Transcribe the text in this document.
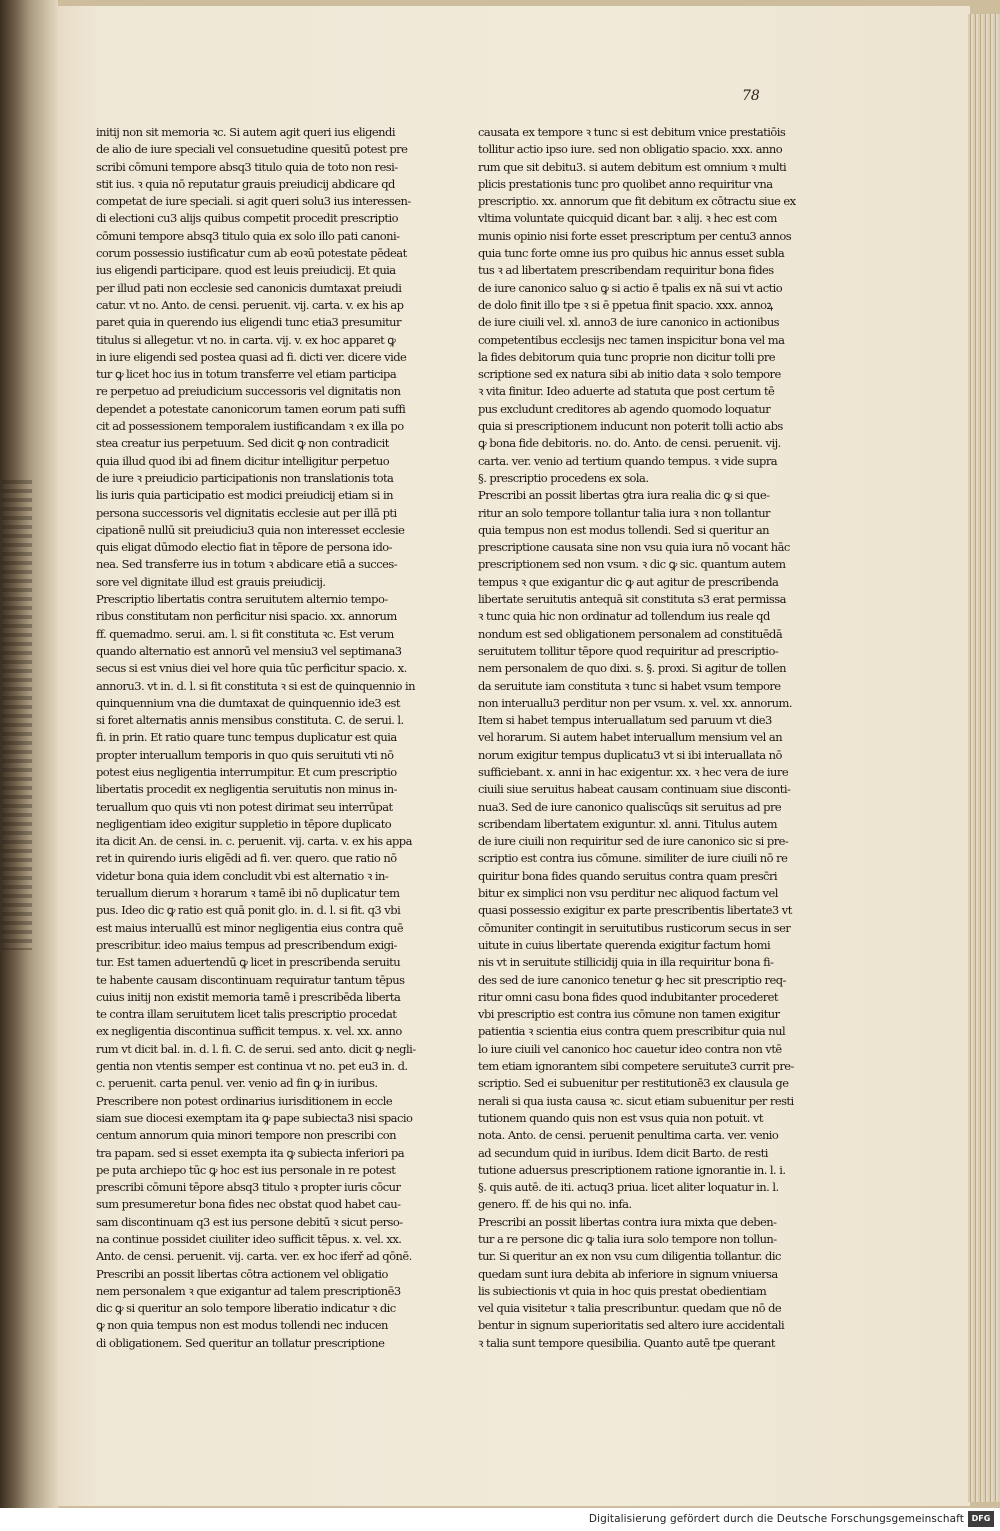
78
initij non sit memoria ꝛc. Si autem agit queri ius eligendi
de alio de iure speciali vel consuetudine quesitū potest pre
scribi cōmuni tempore absq3 titulo quia de toto non resi-
stit ius. ꝛ quia nō reputatur grauis preiudicij abdicare qd
competat de iure speciali. si agit queri solu3 ius interessen-
di electioni cu3 alijs quibus competit procedit prescriptio
cōmuni tempore absq3 titulo quia ex solo illo pati canoni-
corum possessio iustificatur cum ab eoꝛū potestate pēdeat
ius eligendi participare. quod est leuis preiudicij. Et quia
per illud pati non ecclesie sed canonicis dumtaxat preiudi
catur. vt no. Anto. de censi. peruenit. vij. carta. v. ex his ap
paret quia in querendo ius eligendi tunc etia3 presumitur
titulus si allegetur. vt no. in carta. vij. v. ex hoc apparet ꝙ
in iure eligendi sed postea quasi ad fi. dicti ver. dicere vide
tur ꝙ licet hoc ius in totum transferre vel etiam participa
re perpetuo ad preiudicium successoris vel dignitatis non
dependet a potestate canonicorum tamen eorum pati suffi
cit ad possessionem temporalem iustificandam ꝛ ex illa po
stea creatur ius perpetuum. Sed dicit ꝙ non contradicit
quia illud quod ibi ad finem dicitur intelligitur perpetuo
de iure ꝛ preiudicio participationis non translationis tota
lis iuris quia participatio est modici preiudicij etiam si in
persona successoris vel dignitatis ecclesie aut per illā pti
cipationē nullū sit preiudiciu3 quia non interesset ecclesie
quis eligat dūmodo electio fiat in tēpore de persona ido-
nea. Sed transferre ius in totum ꝛ abdicare etiā a succes-
sore vel dignitate illud est grauis preiudicij.
Prescriptio libertatis contra seruitutem alternio tempo-
ribus constitutam non perficitur nisi spacio. xx. annorum
ff. quemadmo. serui. am. l. si fit constituta ꝛc. Est verum
quando alternatio est annorū vel mensiu3 vel septimana3
secus si est vnius diei vel hore quia tūc perficitur spacio. x.
annoru3. vt in. d. l. si fit constituta ꝛ si est de quinquennio in
quinquennium vna die dumtaxat de quinquennio ide3 est
si foret alternatis annis mensibus constituta. C. de serui. l.
fi. in prin. Et ratio quare tunc tempus duplicatur est quia
propter interuallum temporis in quo quis seruituti vti nō
potest eius negligentia interrumpitur. Et cum prescriptio
libertatis procedit ex negligentia seruitutis non minus in-
teruallum quo quis vti non potest dirimat seu interrūpat
negligentiam ideo exigitur suppletio in tēpore duplicato
ita dicit An. de censi. in. c. peruenit. vij. carta. v. ex his appa
ret in quirendo iuris eligēdi ad fi. ver. quero. que ratio nō
videtur bona quia idem concludit vbi est alternatio ꝛ in-
teruallum dierum ꝛ horarum ꝛ tamē ibi nō duplicatur tem
pus. Ideo dic ꝙ ratio est quā ponit glo. in. d. l. si fit. q3 vbi
est maius interuallū est minor negligentia eius contra quē
prescribitur. ideo maius tempus ad prescribendum exigi-
tur. Est tamen aduertendū ꝙ licet in prescribenda seruitu
te habente causam discontinuam requiratur tantum tēpus
cuius initij non existit memoria tamē i prescribēda liberta
te contra illam seruitutem licet talis prescriptio procedat
ex negligentia discontinua sufficit tempus. x. vel. xx. anno
rum vt dicit bal. in. d. l. fi. C. de serui. sed anto. dicit ꝙ negli-
gentia non vtentis semper est continua vt no. pet eu3 in. d.
c. peruenit. carta penul. ver. venio ad fin ꝙ in iuribus.
Prescribere non potest ordinarius iurisditionem in eccle
siam sue diocesi exemptam ita ꝙ pape subiecta3 nisi spacio
centum annorum quia minori tempore non prescribi con
tra papam. sed si esset exempta ita ꝙ subiecta inferiori pa
pe puta archiepo tūc ꝙ hoc est ius personale in re potest
prescribi cōmuni tēpore absq3 titulo ꝛ propter iuris cōcur
sum presumeretur bona fides nec obstat quod habet cau-
sam discontinuam q3 est ius persone debitū ꝛ sicut perso-
na continue possidet ciuiliter ideo sufficit tēpus. x. vel. xx.
Anto. de censi. peruenit. vij. carta. ver. ex hoc iferř ad qōnē.
Prescribi an possit libertas cōtra actionem vel obligatio
nem personalem ꝛ que exigantur ad talem prescriptionē3
dic ꝙ si queritur an solo tempore liberatio indicatur ꝛ dic
ꝙ non quia tempus non est modus tollendi nec inducen
di obligationem. Sed queritur an tollatur prescriptione
causata ex tempore ꝛ tunc si est debitum vnice prestatiōis
tollitur actio ipso iure. sed non obligatio spacio. xxx. anno
rum que sit debitu3. si autem debitum est omnium ꝛ multi
plicis prestationis tunc pro quolibet anno requiritur vna
prescriptio. xx. annorum que fit debitum ex cōtractu siue ex
vltima voluntate quicquid dicant bar. ꝛ alij. ꝛ hec est com
munis opinio nisi forte esset prescriptum per centu3 annos
quia tunc forte omne ius pro quibus hic annus esset subla
tus ꝛ ad libertatem prescribendam requiritur bona fides
de iure canonico saluo ꝙ si actio ē tpalis ex nā sui vt actio
de dolo finit illo tpe ꝛ si ē ppetua finit spacio. xxx. annoꝝ
de iure ciuili vel. xl. anno3 de iure canonico in actionibus
competentibus ecclesijs nec tamen inspicitur bona vel ma
la fides debitorum quia tunc proprie non dicitur tolli pre
scriptione sed ex natura sibi ab initio data ꝛ solo tempore
ꝛ vita finitur. Ideo aduerte ad statuta que post certum tē
pus excludunt creditores ab agendo quomodo loquatur
quia si prescriptionem inducunt non poterit tolli actio abs
ꝙ bona fide debitoris. no. do. Anto. de censi. peruenit. vij.
carta. ver. venio ad tertium quando tempus. ꝛ vide supra
§. prescriptio procedens ex sola.
Prescribi an possit libertas ꝯtra iura realia dic ꝙ si que-
ritur an solo tempore tollantur talia iura ꝛ non tollantur
quia tempus non est modus tollendi. Sed si queritur an
prescriptione causata sine non vsu quia iura nō vocant hāc
prescriptionem sed non vsum. ꝛ dic ꝙ sic. quantum autem
tempus ꝛ que exigantur dic ꝙ aut agitur de prescribenda
libertate seruitutis antequā sit constituta s3 erat permissa
ꝛ tunc quia hic non ordinatur ad tollendum ius reale qd
nondum est sed obligationem personalem ad constituēdā
seruitutem tollitur tēpore quod requiritur ad prescriptio-
nem personalem de quo dixi. s. §. proxi. Si agitur de tollen
da seruitute iam constituta ꝛ tunc si habet vsum tempore
non interuallu3 perditur non per vsum. x. vel. xx. annorum.
Item si habet tempus interuallatum sed paruum vt die3
vel horarum. Si autem habet interuallum mensium vel an
norum exigitur tempus duplicatu3 vt si ibi interuallata nō
sufficiebant. x. anni in hac exigentur. xx. ꝛ hec vera de iure
ciuili siue seruitus habeat causam continuam siue disconti-
nua3. Sed de iure canonico qualiscūqs sit seruitus ad pre
scribendam libertatem exiguntur. xl. anni. Titulus autem
de iure ciuili non requiritur sed de iure canonico sic si pre-
scriptio est contra ius cōmune. similiter de iure ciuili nō re
quiritur bona fides quando seruitus contra quam presc̄ri
bitur ex simplici non vsu perditur nec aliquod factum vel
quasi possessio exigitur ex parte prescribentis libertate3 vt
cōmuniter contingit in seruitutibus rusticorum secus in ser
uitute in cuius libertate querenda exigitur factum homi
nis vt in seruitute stillicidij quia in illa requiritur bona fi-
des sed de iure canonico tenetur ꝙ hec sit prescriptio req-
ritur omni casu bona fides quod indubitanter procederet
vbi prescriptio est contra ius cōmune non tamen exigitur
patientia ꝛ scientia eius contra quem prescribitur quia nul
lo iure ciuili vel canonico hoc cauetur ideo contra non vtē
tem etiam ignorantem sibi competere seruitute3 currit pre-
scriptio. Sed ei subuenitur per restitutionē3 ex clausula ge
nerali si qua iusta causa ꝛc. sicut etiam subuenitur per resti
tutionem quando quis non est vsus quia non potuit. vt
nota. Anto. de censi. peruenit penultima carta. ver. venio
ad secundum quid in iuribus. Idem dicit Barto. de resti
tutione aduersus prescriptionem ratione ignorantie in. l. i.
§. quis autē. de iti. actuq3 priua. licet aliter loquatur in. l.
genero. ff. de his qui no. infa.
Prescribi an possit libertas contra iura mixta que deben-
tur a re persone dic ꝙ talia iura solo tempore non tollun-
tur. Si queritur an ex non vsu cum diligentia tollantur. dic
quedam sunt iura debita ab inferiore in signum vniuersa
lis subiectionis vt quia in hoc quis prestat obedientiam
vel quia visitetur ꝛ talia prescribuntur. quedam que nō de
bentur in signum superioritatis sed altero iure accidentali
ꝛ talia sunt tempore quesibilia. Quanto autē tpe querant
Digitalisierung gefördert durch die Deutsche Forschungsgemeinschaft DFG
